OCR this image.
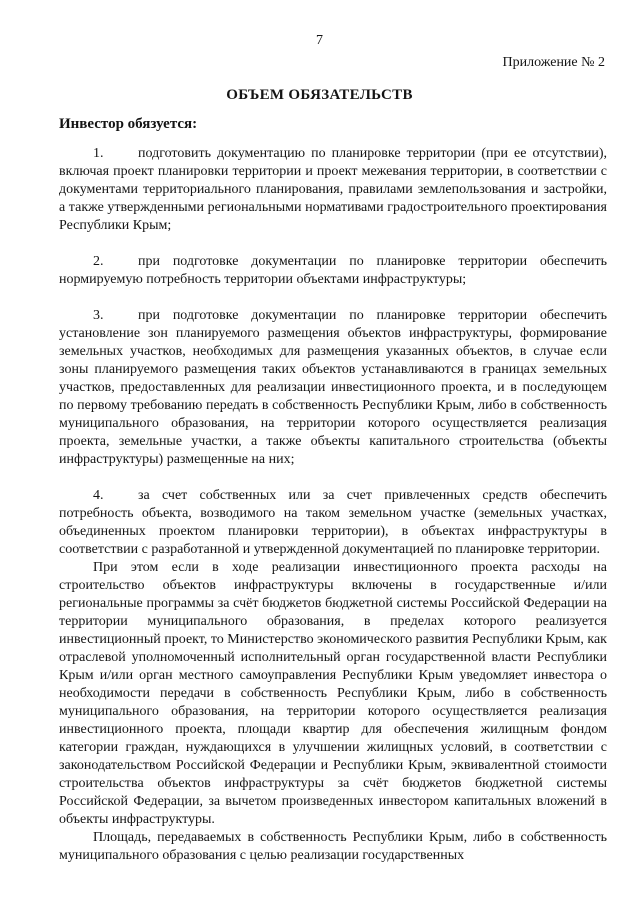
7
Приложение № 2
ОБЪЕМ ОБЯЗАТЕЛЬСТВ
Инвестор обязуется:

1. подготовить документацию по планировке территории (при ее отсутствии), включая проект планировки территории и проект межевания территории, в соответствии с документами территориального планирования, правилами землепользования и застройки, а также утвержденными региональными нормативами градостроительного проектирования Республики Крым;

2. при подготовке документации по планировке территории обеспечить нормируемую потребность территории объектами инфраструктуры;

3. при подготовке документации по планировке территории обеспечить установление зон планируемого размещения объектов инфраструктуры, формирование земельных участков, необходимых для размещения указанных объектов, в случае если зоны планируемого размещения таких объектов устанавливаются в границах земельных участков, предоставленных для реализации инвестиционного проекта, и в последующем по первому требованию передать в собственность Республики Крым, либо в собственность муниципального образования, на территории которого осуществляется реализация проекта, земельные участки, а также объекты капитального строительства (объекты инфраструктуры) размещенные на них;

4. за счет собственных или за счет привлеченных средств обеспечить потребность объекта, возводимого на таком земельном участке (земельных участках, объединенных проектом планировки территории), в объектах инфраструктуры в соответствии с разработанной и утвержденной документацией по планировке территории.

При этом если в ходе реализации инвестиционного проекта расходы на строительство объектов инфраструктуры включены в государственные и/или региональные программы за счёт бюджетов бюджетной системы Российской Федерации на территории муниципального образования, в пределах которого реализуется инвестиционный проект, то Министерство экономического развития Республики Крым, как отраслевой уполномоченный исполнительный орган государственной власти Республики Крым и/или орган местного самоуправления Республики Крым уведомляет инвестора о необходимости передачи в собственность Республики Крым, либо в собственность муниципального образования, на территории которого осуществляется реализация инвестиционного проекта, площади квартир для обеспечения жилищным фондом категории граждан, нуждающихся в улучшении жилищных условий, в соответствии с законодательством Российской Федерации и Республики Крым, эквивалентной стоимости строительства объектов инфраструктуры за счёт бюджетов бюджетной системы Российской Федерации, за вычетом произведенных инвестором капитальных вложений в объекты инфраструктуры.

Площадь, передаваемых в собственность Республики Крым, либо в собственность муниципального образования с целью реализации государственных
